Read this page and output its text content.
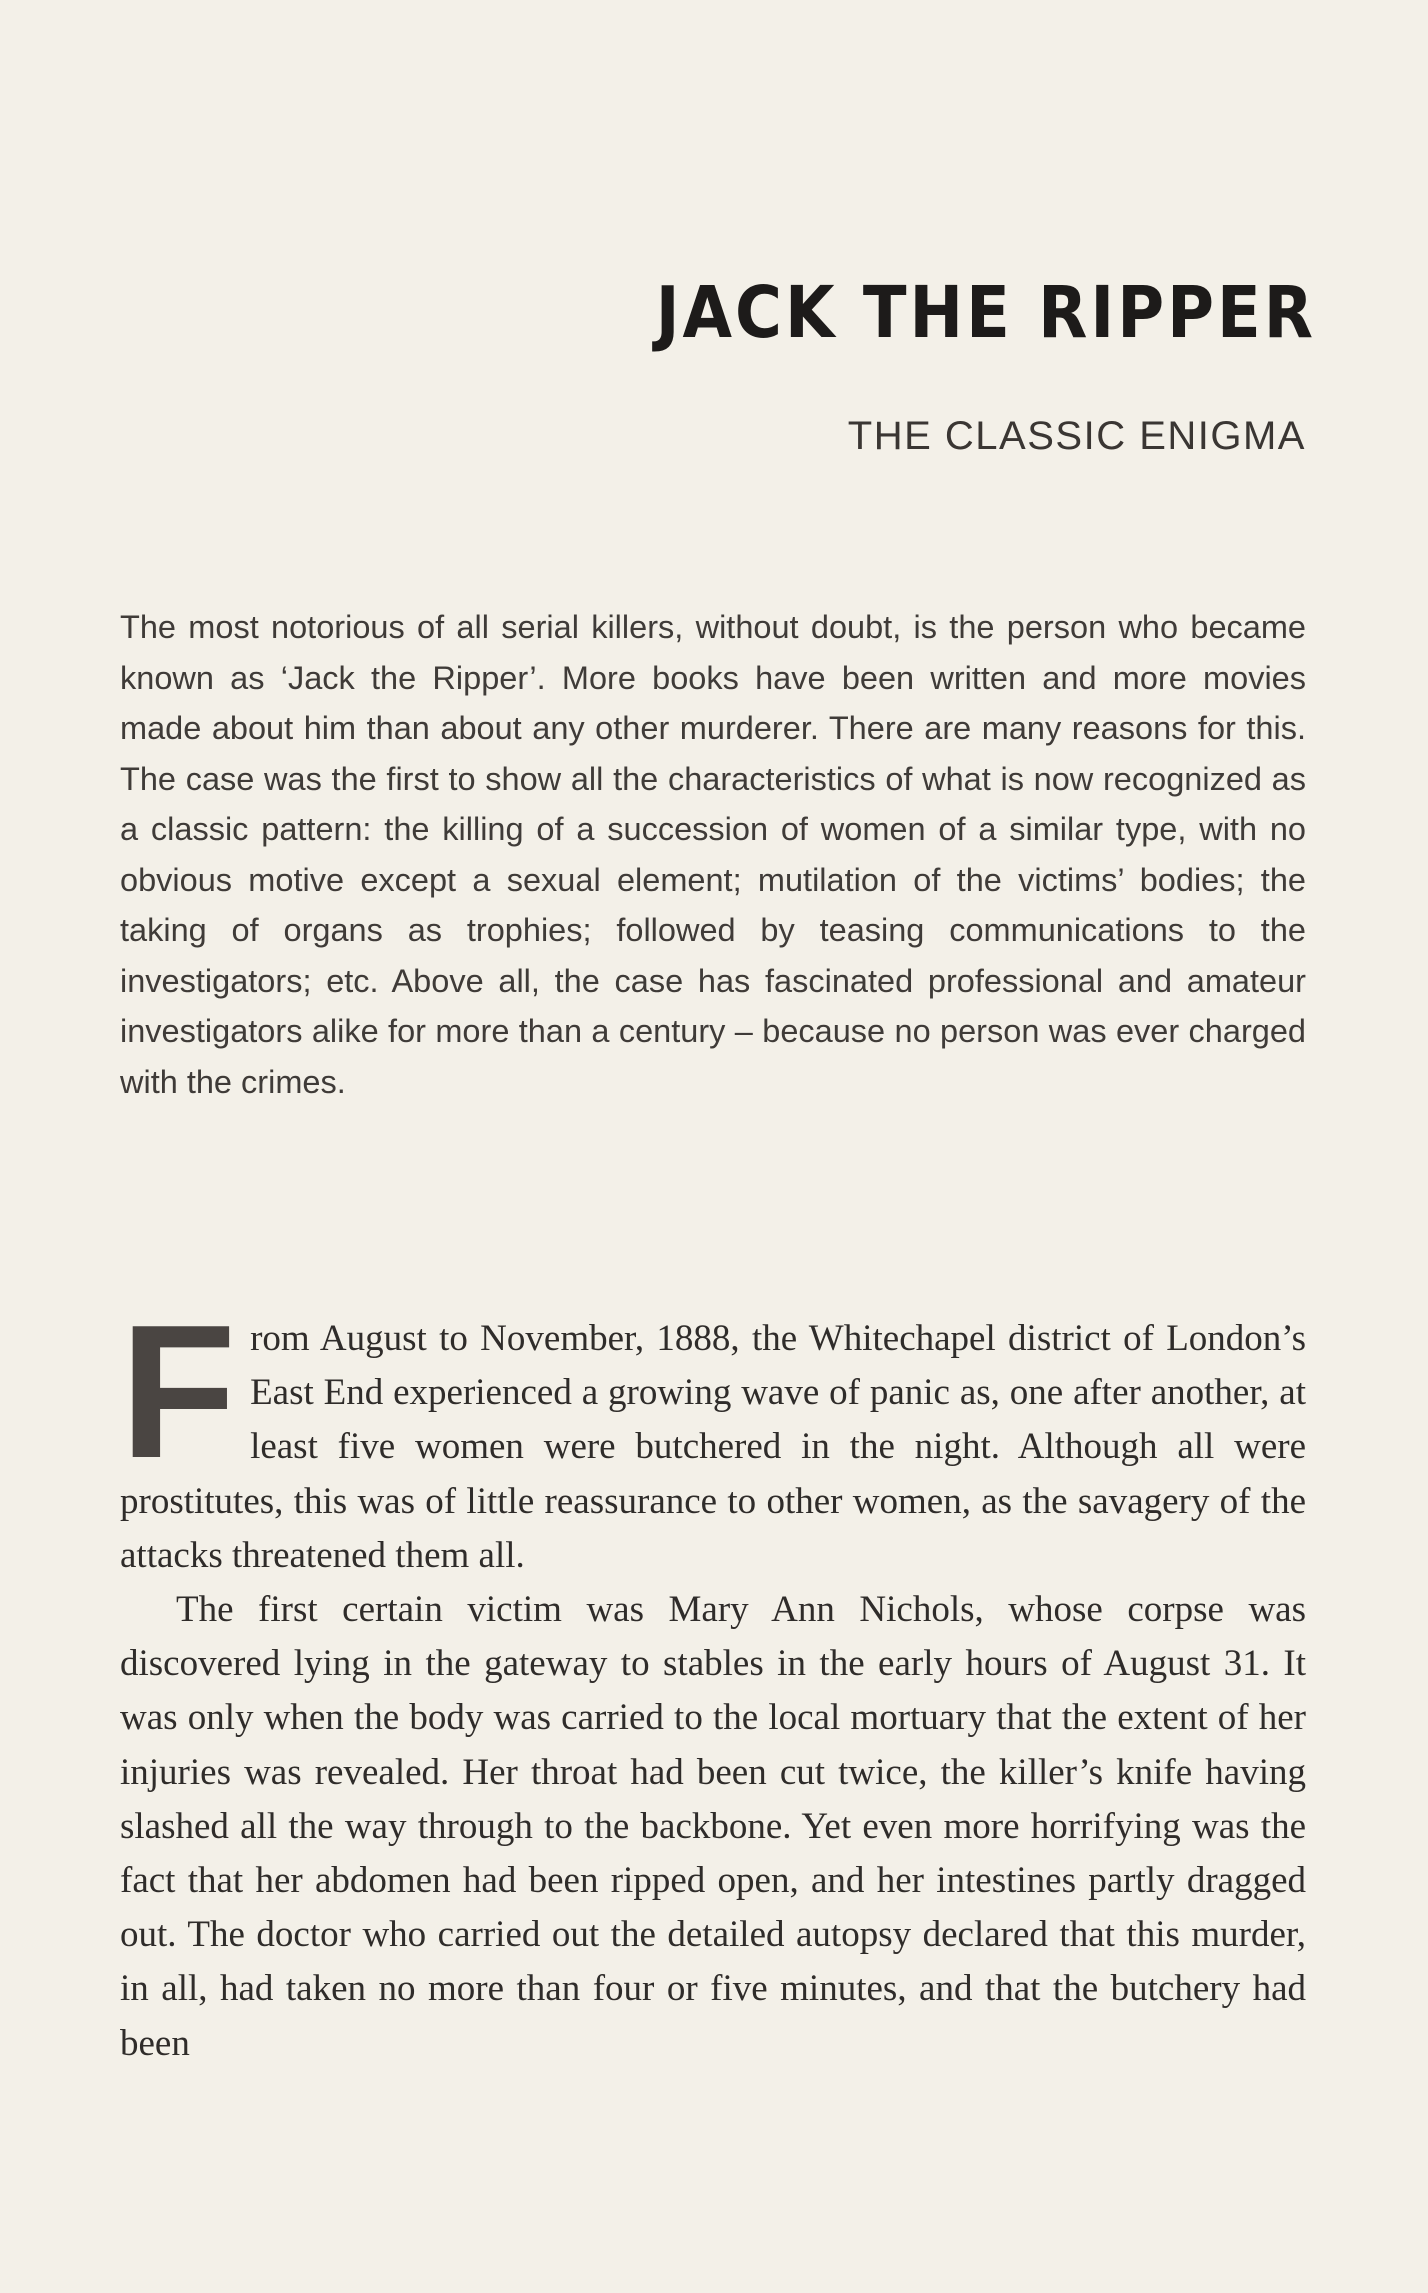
JACK THE RIPPER
THE CLASSIC ENIGMA

The most notorious of all serial killers, without doubt, is the person who became known as ‘Jack the Ripper’. More books have been written and more movies made about him than about any other murderer. There are many reasons for this. The case was the first to show all the characteristics of what is now recognized as a classic pattern: the killing of a succession of women of a similar type, with no obvious motive except a sexual element; mutilation of the victims’ bodies; the taking of organs as trophies; followed by teasing communications to the investigators; etc. Above all, the case has fascinated professional and amateur investigators alike for more than a century – because no person was ever charged with the crimes.

From August to November, 1888, the Whitechapel district of London’s East End experienced a growing wave of panic as, one after another, at least five women were butchered in the night. Although all were prostitutes, this was of little reassurance to other women, as the savagery of the attacks threatened them all.

The first certain victim was Mary Ann Nichols, whose corpse was discovered lying in the gateway to stables in the early hours of August 31. It was only when the body was carried to the local mortuary that the extent of her injuries was revealed. Her throat had been cut twice, the killer’s knife having slashed all the way through to the backbone. Yet even more horrifying was the fact that her abdomen had been ripped open, and her intestines partly dragged out. The doctor who carried out the detailed autopsy declared that this murder, in all, had taken no more than four or five minutes, and that the butchery had been
